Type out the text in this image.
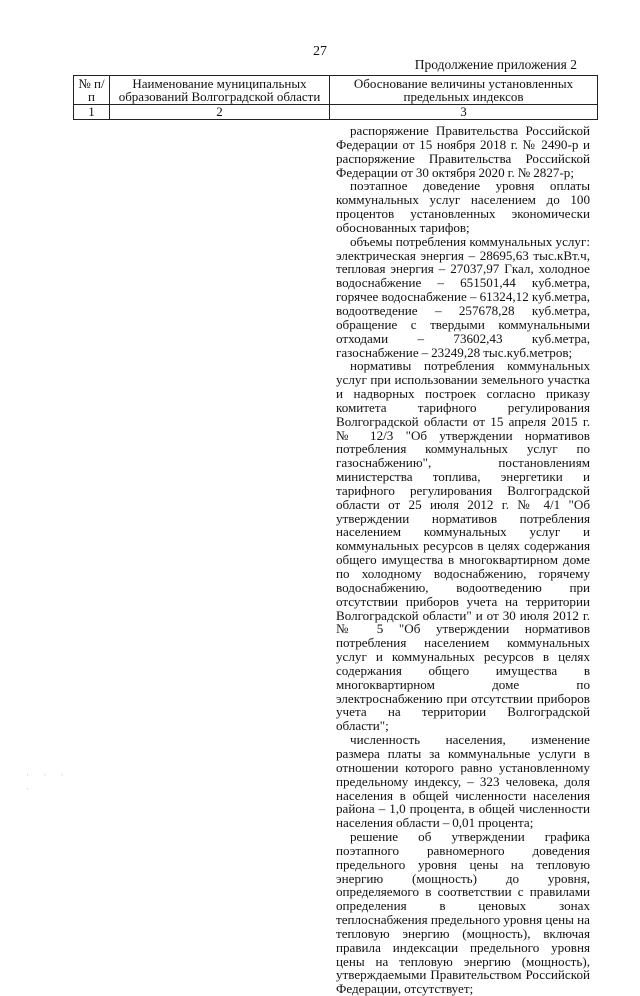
27
Продолжение приложения 2
№ п/п	Наименование муниципальных образований Волгоградской области	Обоснование величины установленных предельных индексов
1	2	3

распоряжение Правительства Российской Федерации от 15 ноября 2018 г. № 2490-р и распоряжение Правительства Российской Федерации от 30 октября 2020 г. № 2827-р;

поэтапное доведение уровня оплаты коммунальных услуг населением до 100 процентов установленных экономически обоснованных тарифов;

объемы потребления коммунальных услуг: электрическая энергия – 28695,63 тыс.кВт.ч, тепловая энергия – 27037,97 Гкал, холодное водоснабжение – 651501,44 куб.метра, горячее водоснабжение – 61324,12 куб.метра, водоотведение – 257678,28 куб.метра, обращение с твердыми коммунальными отходами – 73602,43 куб.метра, газоснабжение – 23249,28 тыс.куб.метров;

нормативы потребления коммунальных услуг при использовании земельного участка и надворных построек согласно приказу комитета тарифного регулирования Волгоградской области от 15 апреля 2015 г. № 12/3 "Об утверждении нормативов потребления коммунальных услуг по газоснабжению", постановлениям министерства топлива, энергетики и тарифного регулирования Волгоградской области от 25 июля 2012 г. № 4/1 "Об утверждении нормативов потребления населением коммунальных услуг и коммунальных ресурсов в целях содержания общего имущества в многоквартирном доме по холодному водоснабжению, горячему водоснабжению, водоотведению при отсутствии приборов учета на территории Волгоградской области" и от 30 июля 2012 г. № 5 "Об утверждении нормативов потребления населением коммунальных услуг и коммунальных ресурсов в целях содержания общего имущества в многоквартирном доме по электроснабжению при отсутствии приборов учета на территории Волгоградской области";

численность населения, изменение размера платы за коммунальные услуги в отношении которого равно установленному предельному индексу, – 323 человека, доля населения в общей численности населения района – 1,0 процента, в общей численности населения области – 0,01 процента;

решение об утверждении графика поэтапного равномерного доведения предельного уровня цены на тепловую энергию (мощность) до уровня, определяемого в соответствии с правилами определения в ценовых зонах теплоснабжения предельного уровня цены на тепловую энергию (мощность), включая правила индексации предельного уровня цены на тепловую энергию (мощность), утверждаемыми Правительством Российской Федерации, отсутствует;

· · · ·
